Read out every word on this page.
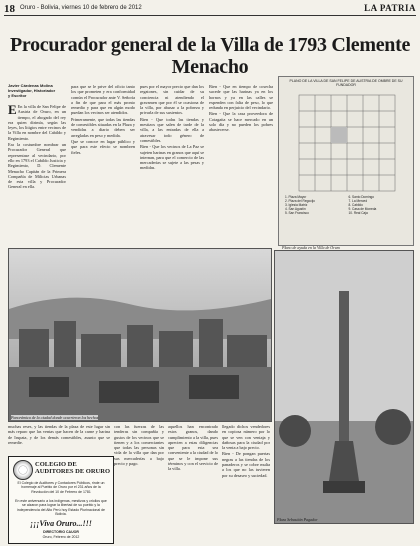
18 Oruro - Bolivia, viernes 10 de febrero de 2012	LA PATRIA
Procurador general de la Villa de 1793 Clemente Menacho
Javier Cárdenas Molina Investigador, Historiador y Escritor

E En la villa de San Felipe de Austria de Oruro, en un tiempo, el abogado del rey era quien dirimía, según las leyes, los litigios entre vecinos de la Villa en nombre del Cabildo y Regimiento.

Era la costumbre nombrar un Procurador General que representase al vecindario, por ello en 1793 el Cabildo Justicia y Regimiento, D. Clemente Menacho Capitán de la Primera Compañía de Milicias Urbanas de esta villa y Procurador General en ella.

para que se le prive del oficio tanto los que prometen y era conformidad común el Procurador ante V. Señoría a fin de que para el más pronto remedio y para que en algún modo puedan los vecinos ser atendidos.

Primeramente, que todas las tiendas de comestibles situadas en la Plaza y vendidas a diario deben ser arregladas en peso y medida.

Que se conoce en lugar público y que para este efecto se nombren fieles.

pues por el mayor precio que dan los regatones, sin cuidar de su conciencia ni atendiendo el gravamen que por él se ocasiona de la villa, por abusar a la pobreza y privarla de sus sustentos.

Bien - Que todas las tiendas y mestizos que salen de tarde de la villa, a las entradas de ella a atravesar todo género de comestibles.

Bien - Que los vecinos de La Paz se sujeten harinas en granos que aquí se internan, para que el comercio de las mercaderías se sujete a las pesas y medidas.

Bien - Que en tiempo de cosecha sucede que las harinas ya en los hornos y ya en las calles se expenden con falta de peso, lo que redunda en perjuicio del vecindario.

Bien - Que la casa proveedora de Cotagaita se hace mercado en un solo día y no pueden los pobres abastecerse.

PLANO DE LA VILLA DE SAN FELIPE DE AUSTRIA DE OMBRE DE SU FUNDADOR
1. Plaza Mayor
2. Plaza del Regocijo
3. Iglesia Matriz
4. San Agustín
5. San Francisco
6. Santo Domingo
7. La Merced
8. Cabildo
9. Casa de Moneda
10. Real Caja
Plano de ayuda en la Villa de Oruro
Panorámica de la ciudad donde ocurrieron los hechos
Plaza Sebastián Pagador

con las fuerzas de las tenderas sin compañía y gustos de los vecinos que se tienen y a los comerciantes que todas las personas sin vida de la villa que dan por sus mercaderías a bajo precio y pago.

aquellos han encontrado estos granos, dando cumplimiento a la villa, pues aprecien a estas diligencias que para esta sea conveniente a la ciudad de lo que se le impone sus términos y con el servicio de la villa.

llegado dichos vendedores en copiosa número por lo que se ven con ventaja y dañosas para la ciudad por la venta a bajo precio.

Bien - De pongan puertas negras a las tiendas de los panaderos y se cobre multa a los que no las tuvieren por su desaseo y suciedad.

muchas reses, y las tiendas de la plaza de este lugar sin más reparo que las ventas que hacen de la carne y harina de Irupata, y de los demás comestibles, asunto que se remedie.

COLEGIO DE AUDITORES DE ORURO
El Colegio de Auditores y Contadores Públicos, rinde un homenaje al Pueblo de Oruro por el 231 años de la Revolución del 10 de Febrero de 1781
En este aniversario a los indígenas, mestizos y criollos que se alzaron para lograr la libertad de su pueblo y la independencia del Alto Perú hoy Estado Plurinacional de Bolivia.
¡¡¡Viva Oruro...!!!
DIRECTORIO CAUOR
Oruro, Febrero de 2012
